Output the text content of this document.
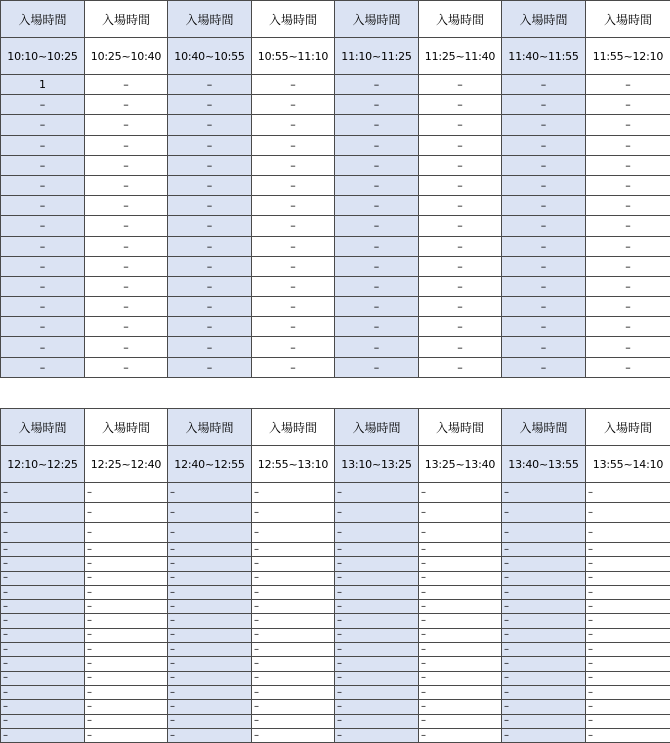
入場時間	入場時間	入場時間	入場時間	入場時間	入場時間	入場時間	入場時間
10:10~10:25	10:25~10:40	10:40~10:55	10:55~11:10	11:10~11:25	11:25~11:40	11:40~11:55	11:55~12:10
1	–	–	–	–	–	–	–
–	–	–	–	–	–	–	–
–	–	–	–	–	–	–	–
–	–	–	–	–	–	–	–
–	–	–	–	–	–	–	–
–	–	–	–	–	–	–	–
–	–	–	–	–	–	–	–
–	–	–	–	–	–	–	–
–	–	–	–	–	–	–	–
–	–	–	–	–	–	–	–
–	–	–	–	–	–	–	–
–	–	–	–	–	–	–	–
–	–	–	–	–	–	–	–
–	–	–	–	–	–	–	–
–	–	–	–	–	–	–	–
入場時間	入場時間	入場時間	入場時間	入場時間	入場時間	入場時間	入場時間
12:10~12:25	12:25~12:40	12:40~12:55	12:55~13:10	13:10~13:25	13:25~13:40	13:40~13:55	13:55~14:10
–	–	–	–	–	–	–	–
–	–	–	–	–	–	–	–
–	–	–	–	–	–	–	–
–	–	–	–	–	–	–	–
–	–	–	–	–	–	–	–
–	–	–	–	–	–	–	–
–	–	–	–	–	–	–	–
–	–	–	–	–	–	–	–
–	–	–	–	–	–	–	–
–	–	–	–	–	–	–	–
–	–	–	–	–	–	–	–
–	–	–	–	–	–	–	–
–	–	–	–	–	–	–	–
–	–	–	–	–	–	–	–
–	–	–	–	–	–	–	–
–	–	–	–	–	–	–	–
–	–	–	–	–	–	–	–
